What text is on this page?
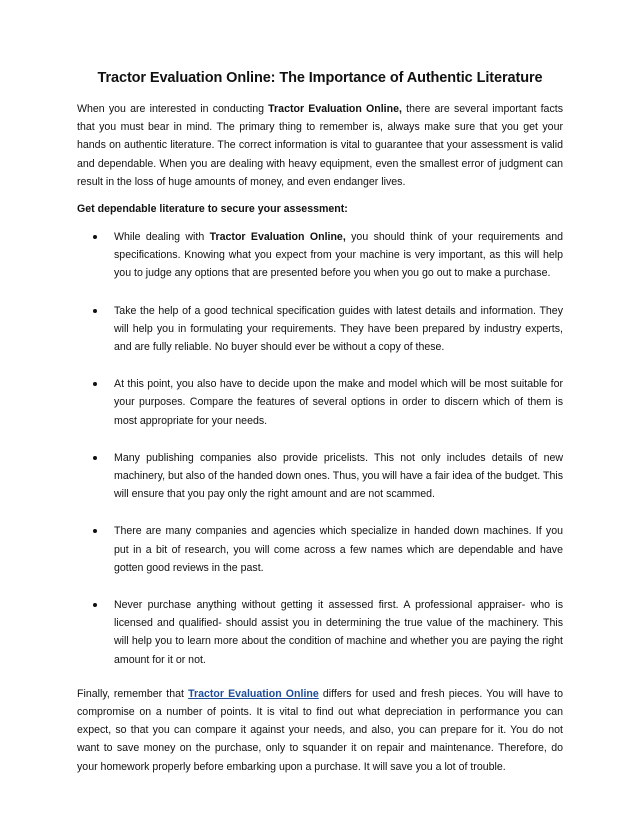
Tractor Evaluation Online: The Importance of Authentic Literature

When you are interested in conducting Tractor Evaluation Online, there are several important facts that you must bear in mind. The primary thing to remember is, always make sure that you get your hands on authentic literature. The correct information is vital to guarantee that your assessment is valid and dependable. When you are dealing with heavy equipment, even the smallest error of judgment can result in the loss of huge amounts of money, and even endanger lives.

Get dependable literature to secure your assessment:

While dealing with Tractor Evaluation Online, you should think of your requirements and specifications. Knowing what you expect from your machine is very important, as this will help you to judge any options that are presented before you when you go out to make a purchase.
Take the help of a good technical specification guides with latest details and information. They will help you in formulating your requirements. They have been prepared by industry experts, and are fully reliable. No buyer should ever be without a copy of these.
At this point, you also have to decide upon the make and model which will be most suitable for your purposes. Compare the features of several options in order to discern which of them is most appropriate for your needs.
Many publishing companies also provide pricelists. This not only includes details of new machinery, but also of the handed down ones. Thus, you will have a fair idea of the budget. This will ensure that you pay only the right amount and are not scammed.
There are many companies and agencies which specialize in handed down machines. If you put in a bit of research, you will come across a few names which are dependable and have gotten good reviews in the past.
Never purchase anything without getting it assessed first. A professional appraiser- who is licensed and qualified- should assist you in determining the true value of the machinery. This will help you to learn more about the condition of machine and whether you are paying the right amount for it or not.

Finally, remember that Tractor Evaluation Online differs for used and fresh pieces. You will have to compromise on a number of points. It is vital to find out what depreciation in performance you can expect, so that you can compare it against your needs, and also, you can prepare for it. You do not want to save money on the purchase, only to squander it on repair and maintenance. Therefore, do your homework properly before embarking upon a purchase. It will save you a lot of trouble.
